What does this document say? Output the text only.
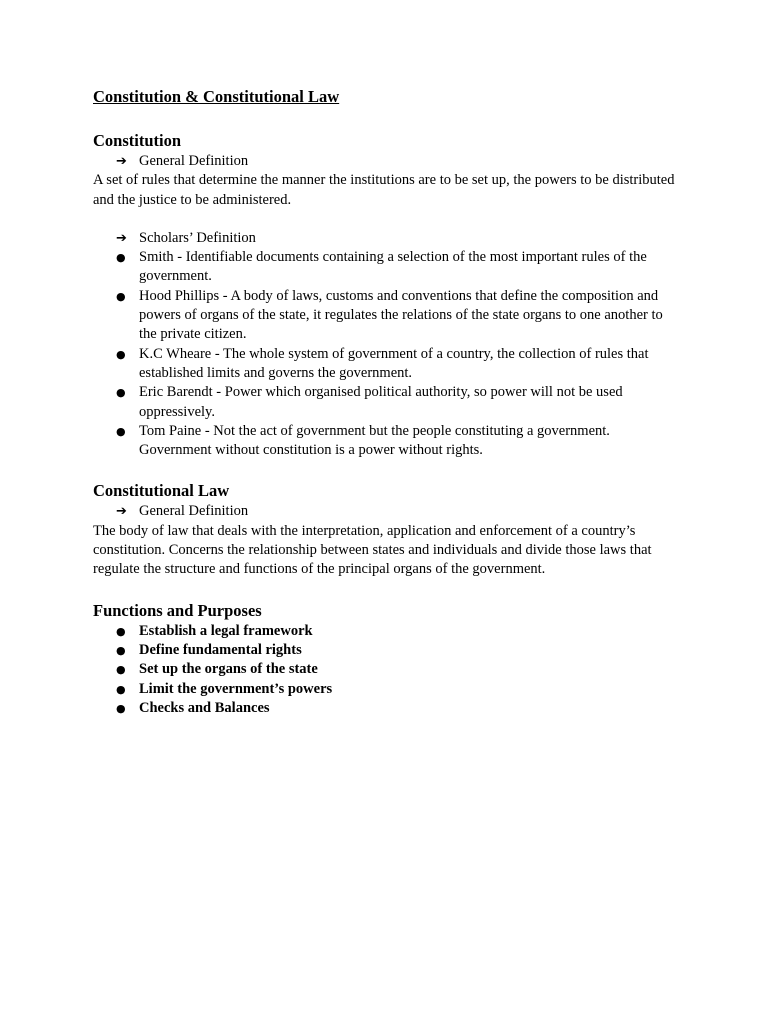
Constitution & Constitutional Law
Constitution
➔ General Definition

A set of rules that determine the manner the institutions are to be set up, the powers to be distributed and the justice to be administered.

➔ Scholars’ Definition
● Smith - Identifiable documents containing a selection of the most important rules of the government.
● Hood Phillips - A body of laws, customs and conventions that define the composition and powers of organs of the state, it regulates the relations of the state organs to one another to the private citizen.
● K.C Wheare - The whole system of government of a country, the collection of rules that established limits and governs the government.
● Eric Barendt - Power which organised political authority, so power will not be used oppressively.
● Tom Paine - Not the act of government but the people constituting a government. Government without constitution is a power without rights.
Constitutional Law
➔ General Definition

The body of law that deals with the interpretation, application and enforcement of a country’s constitution. Concerns the relationship between states and individuals and divide those laws that regulate the structure and functions of the principal organs of the government.

Functions and Purposes
● Establish a legal framework
● Define fundamental rights
● Set up the organs of the state
● Limit the government’s powers
● Checks and Balances
